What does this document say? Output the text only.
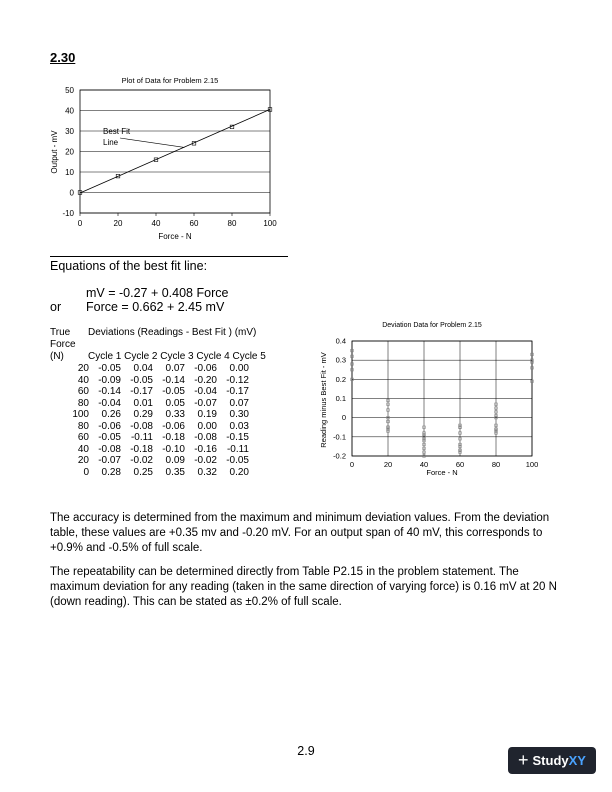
2.30
Plot of Data for Problem 2.15
-10
0
10
20
30
40
50
0	20	40	60	80	100
Best Fit
Line
Force - N
Output - mV
Equations of the best fit line:
mV = -0.27 + 0.408 Force
or Force = 0.662 + 2.45 mV
True Deviations (Readings - Best Fit ) (mV)
Force
(N) Cycle 1 Cycle 2 Cycle 3 Cycle 4 Cycle 5
20	-0.05	0.04	0.07	-0.06	0.00
40	-0.09	-0.05	-0.14	-0.20	-0.12
60	-0.14	-0.17	-0.05	-0.04	-0.17
80	-0.04	0.01	0.05	-0.07	0.07
100	0.26	0.29	0.33	0.19	0.30
80	-0.06	-0.08	-0.06	0.00	0.03
60	-0.05	-0.11	-0.18	-0.08	-0.15
40	-0.08	-0.18	-0.10	-0.16	-0.11
20	-0.07	-0.02	0.09	-0.02	-0.05
0	0.28	0.25	0.35	0.32	0.20
Deviation Data for Problem 2.15
-0.2
-0.1
0
0.1
0.2
0.3
0.4
0	20	40	60	80	100
Force - N
Reading minus Best Fit - mV
The accuracy is determined from the maximum and minimum deviation values. From the deviation table, these values are +0.35 mv and -0.20 mV. For an output span of 40 mV, this corresponds to +0.9% and -0.5% of full scale.
The repeatability can be determined directly from Table P2.15 in the problem statement. The maximum deviation for any reading (taken in the same direction of varying force) is 0.16 mV at 20 N (down reading). This can be stated as ±0.2% of full scale.
2.9	+ Study XY
